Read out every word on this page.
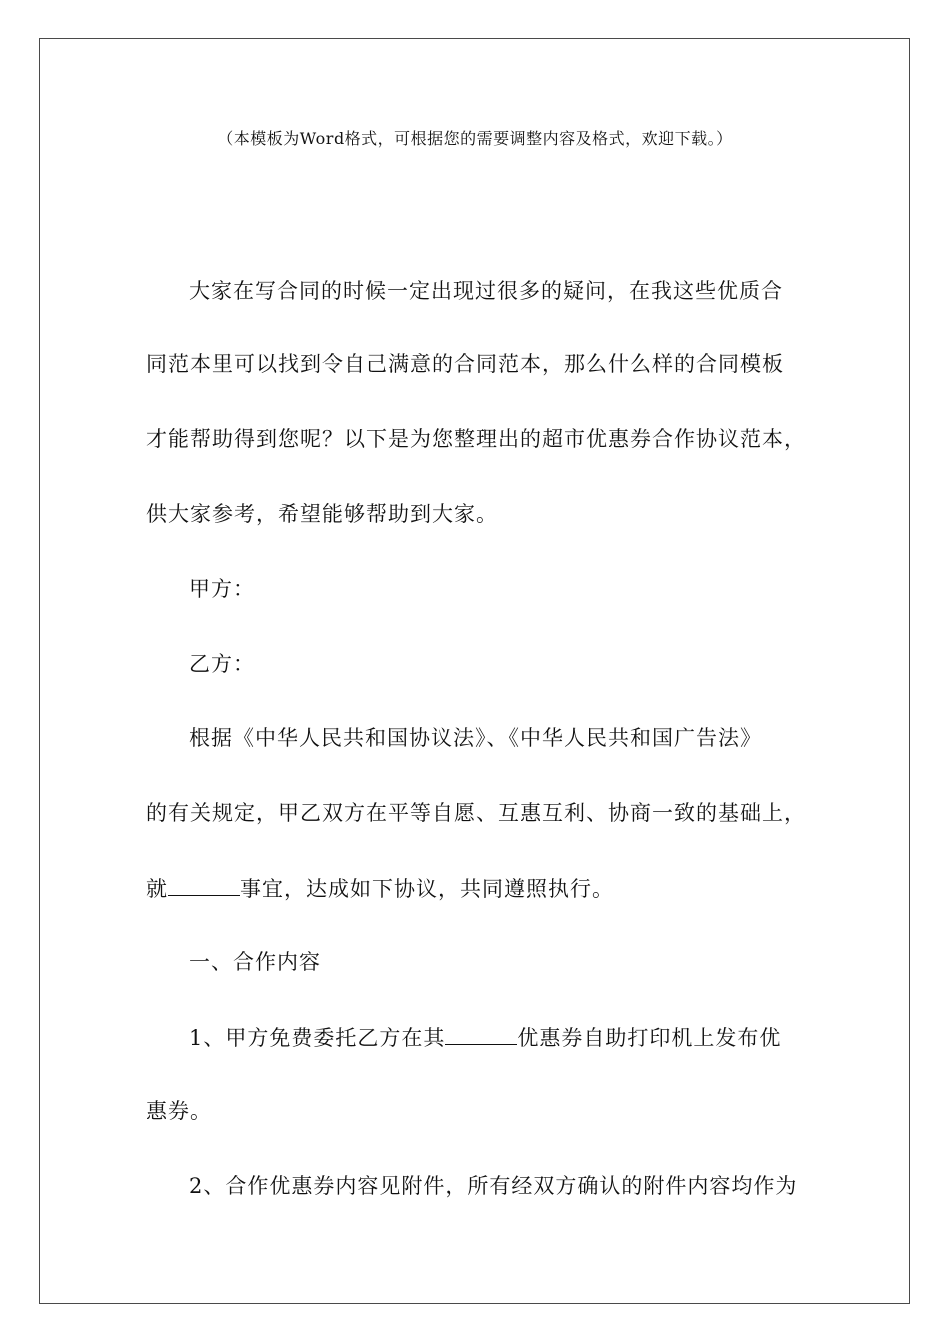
（本模板为Word格式，可根据您的需要调整内容及格式，欢迎下载。）
大家在写合同的时候一定出现过很多的疑问，在我这些优质合
同范本里可以找到令自己满意的合同范本，那么什么样的合同模板
才能帮助得到您呢？以下是为您整理出的超市优惠券合作协议范本，
供大家参考，希望能够帮助到大家。
甲方：
乙方：
根据《中华人民共和国协议法》、《中华人民共和国广告法》
的有关规定，甲乙双方在平等自愿、互惠互利、协商一致的基础上，
就	事宜，达成如下协议，共同遵照执行。
一、合作内容
1、甲方免费委托乙方在其	优惠券自助打印机上发布优
惠券。
2、合作优惠券内容见附件，所有经双方确认的附件内容均作为
